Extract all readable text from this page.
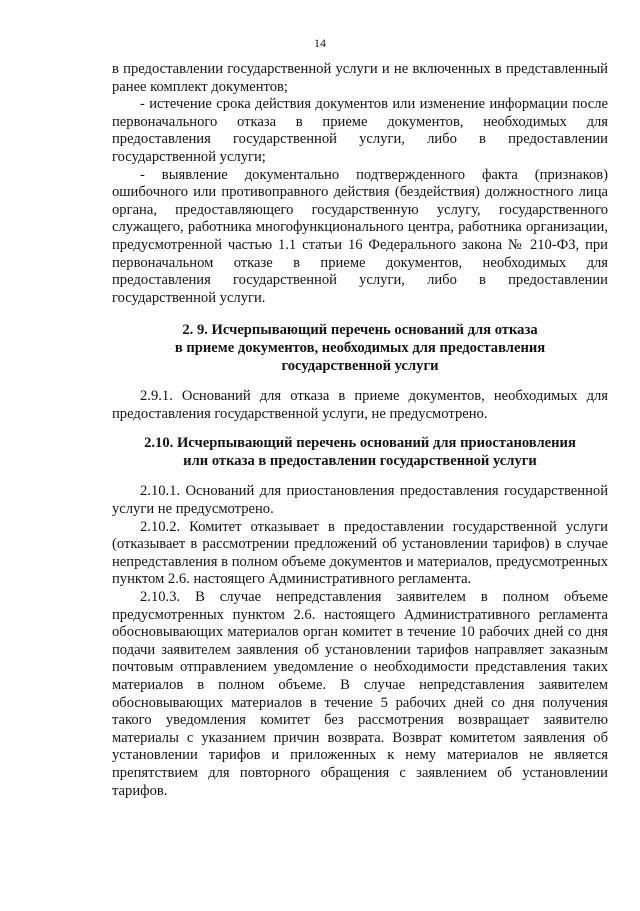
14

в предоставлении государственной услуги и не включенных в представленный ранее комплект документов;

- истечение срока действия документов или изменение информации после первоначального отказа в приеме документов, необходимых для предоставления государственной услуги, либо в предоставлении государственной услуги;

- выявление документально подтвержденного факта (признаков) ошибочного или противоправного действия (бездействия) должностного лица органа, предоставляющего государственную услугу, государственного служащего, работника многофункционального центра, работника организации, предусмотренной частью 1.1 статьи 16 Федерального закона № 210-ФЗ, при первоначальном отказе в приеме документов, необходимых для предоставления государственной услуги, либо в предоставлении государственной услуги.

2. 9. Исчерпывающий перечень оснований для отказа
в приеме документов, необходимых для предоставления
государственной услуги

2.9.1. Оснований для отказа в приеме документов, необходимых для предоставления государственной услуги, не предусмотрено.

2.10. Исчерпывающий перечень оснований для приостановления
или отказа в предоставлении государственной услуги

2.10.1. Оснований для приостановления предоставления государственной услуги не предусмотрено.

2.10.2. Комитет отказывает в предоставлении государственной услуги (отказывает в рассмотрении предложений об установлении тарифов) в случае непредставления в полном объеме документов и материалов, предусмотренных пунктом 2.6. настоящего Административного регламента.

2.10.3. В случае непредставления заявителем в полном объеме предусмотренных пунктом 2.6. настоящего Административного регламента обосновывающих материалов орган комитет в течение 10 рабочих дней со дня подачи заявителем заявления об установлении тарифов направляет заказным почтовым отправлением уведомление о необходимости представления таких материалов в полном объеме. В случае непредставления заявителем обосновывающих материалов в течение 5 рабочих дней со дня получения такого уведомления комитет без рассмотрения возвращает заявителю материалы с указанием причин возврата. Возврат комитетом заявления об установлении тарифов и приложенных к нему материалов не является препятствием для повторного обращения с заявлением об установлении тарифов.
